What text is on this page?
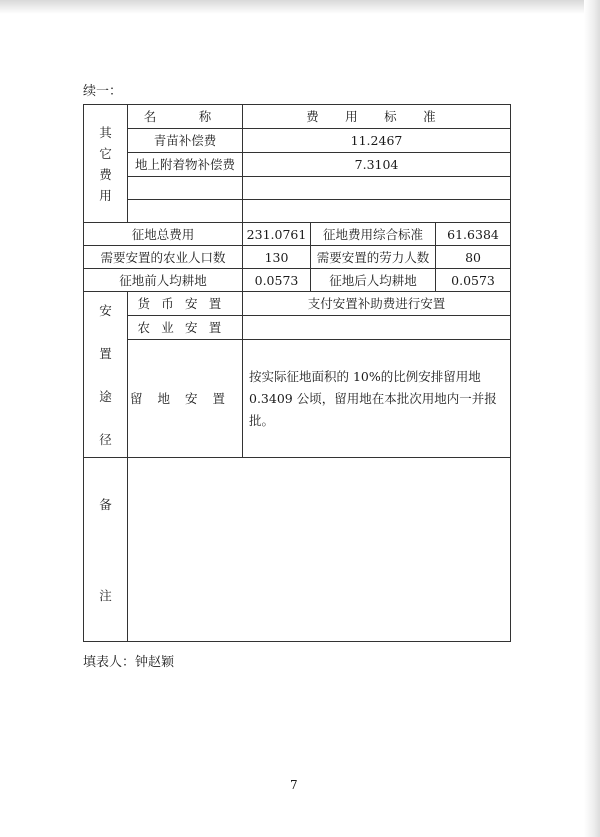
续一：
其
它
费
用	名　称	费 用 标 准		
	青苗补偿费	11.2467		
	地上附着物补偿费	7.3104		

征地总费用		231.0761	征地费用综合标准	61.6384
需要安置的农业人口数		130	需要安置的劳力人数	80
征地前人均耕地		0.0573	征地后人均耕地	0.0573

安
置
途
径	货币安置	支付安置补助费进行安置		
	农业安置			
	留地安置	按实际征地面积的 10%的比例安排留用地 0.3409 公顷，留用地在本批次用地内一并报批。		

备
注				

填表人：钟赵颖
7
